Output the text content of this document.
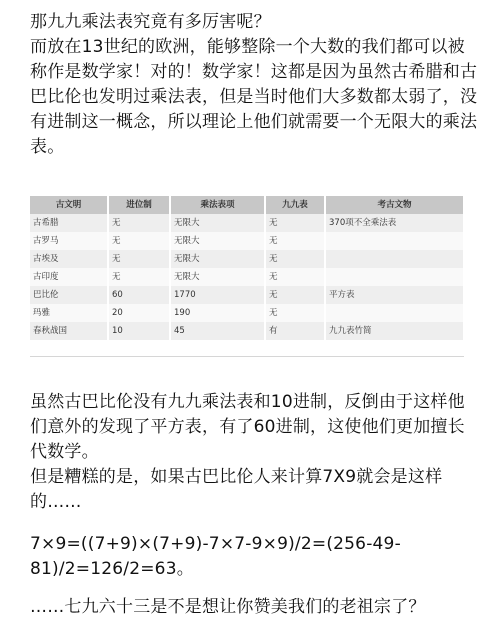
那九九乘法表究竟有多厉害呢？
而放在13世纪的欧洲，能够整除一个大数的我们都可以被称作是数学家！对的！数学家！这都是因为虽然古希腊和古巴比伦也发明过乘法表，但是当时他们大多数都太弱了，没有进制这一概念，所以理论上他们就需要一个无限大的乘法表。

古文明	进位制	乘法表项	九九表	考古文物
古希腊	无	无限大	无	370项不全乘法表
古罗马	无	无限大	无	
古埃及	无	无限大	无	
古印度	无	无限大	无	
巴比伦	60	1770	无	平方表
玛雅	20	190	无	
春秋战国	10	45	有	九九表竹简

虽然古巴比伦没有九九乘法表和10进制，反倒由于这样他们意外的发现了平方表，有了60进制，这使他们更加擅长代数学。

但是糟糕的是，如果古巴比伦人来计算7X9就会是这样的……

7×9=((7+9)×(7+9)-7×7-9×9)/2=(256-49-81)/2=126/2=63。

……七九六十三是不是想让你赞美我们的老祖宗了？
